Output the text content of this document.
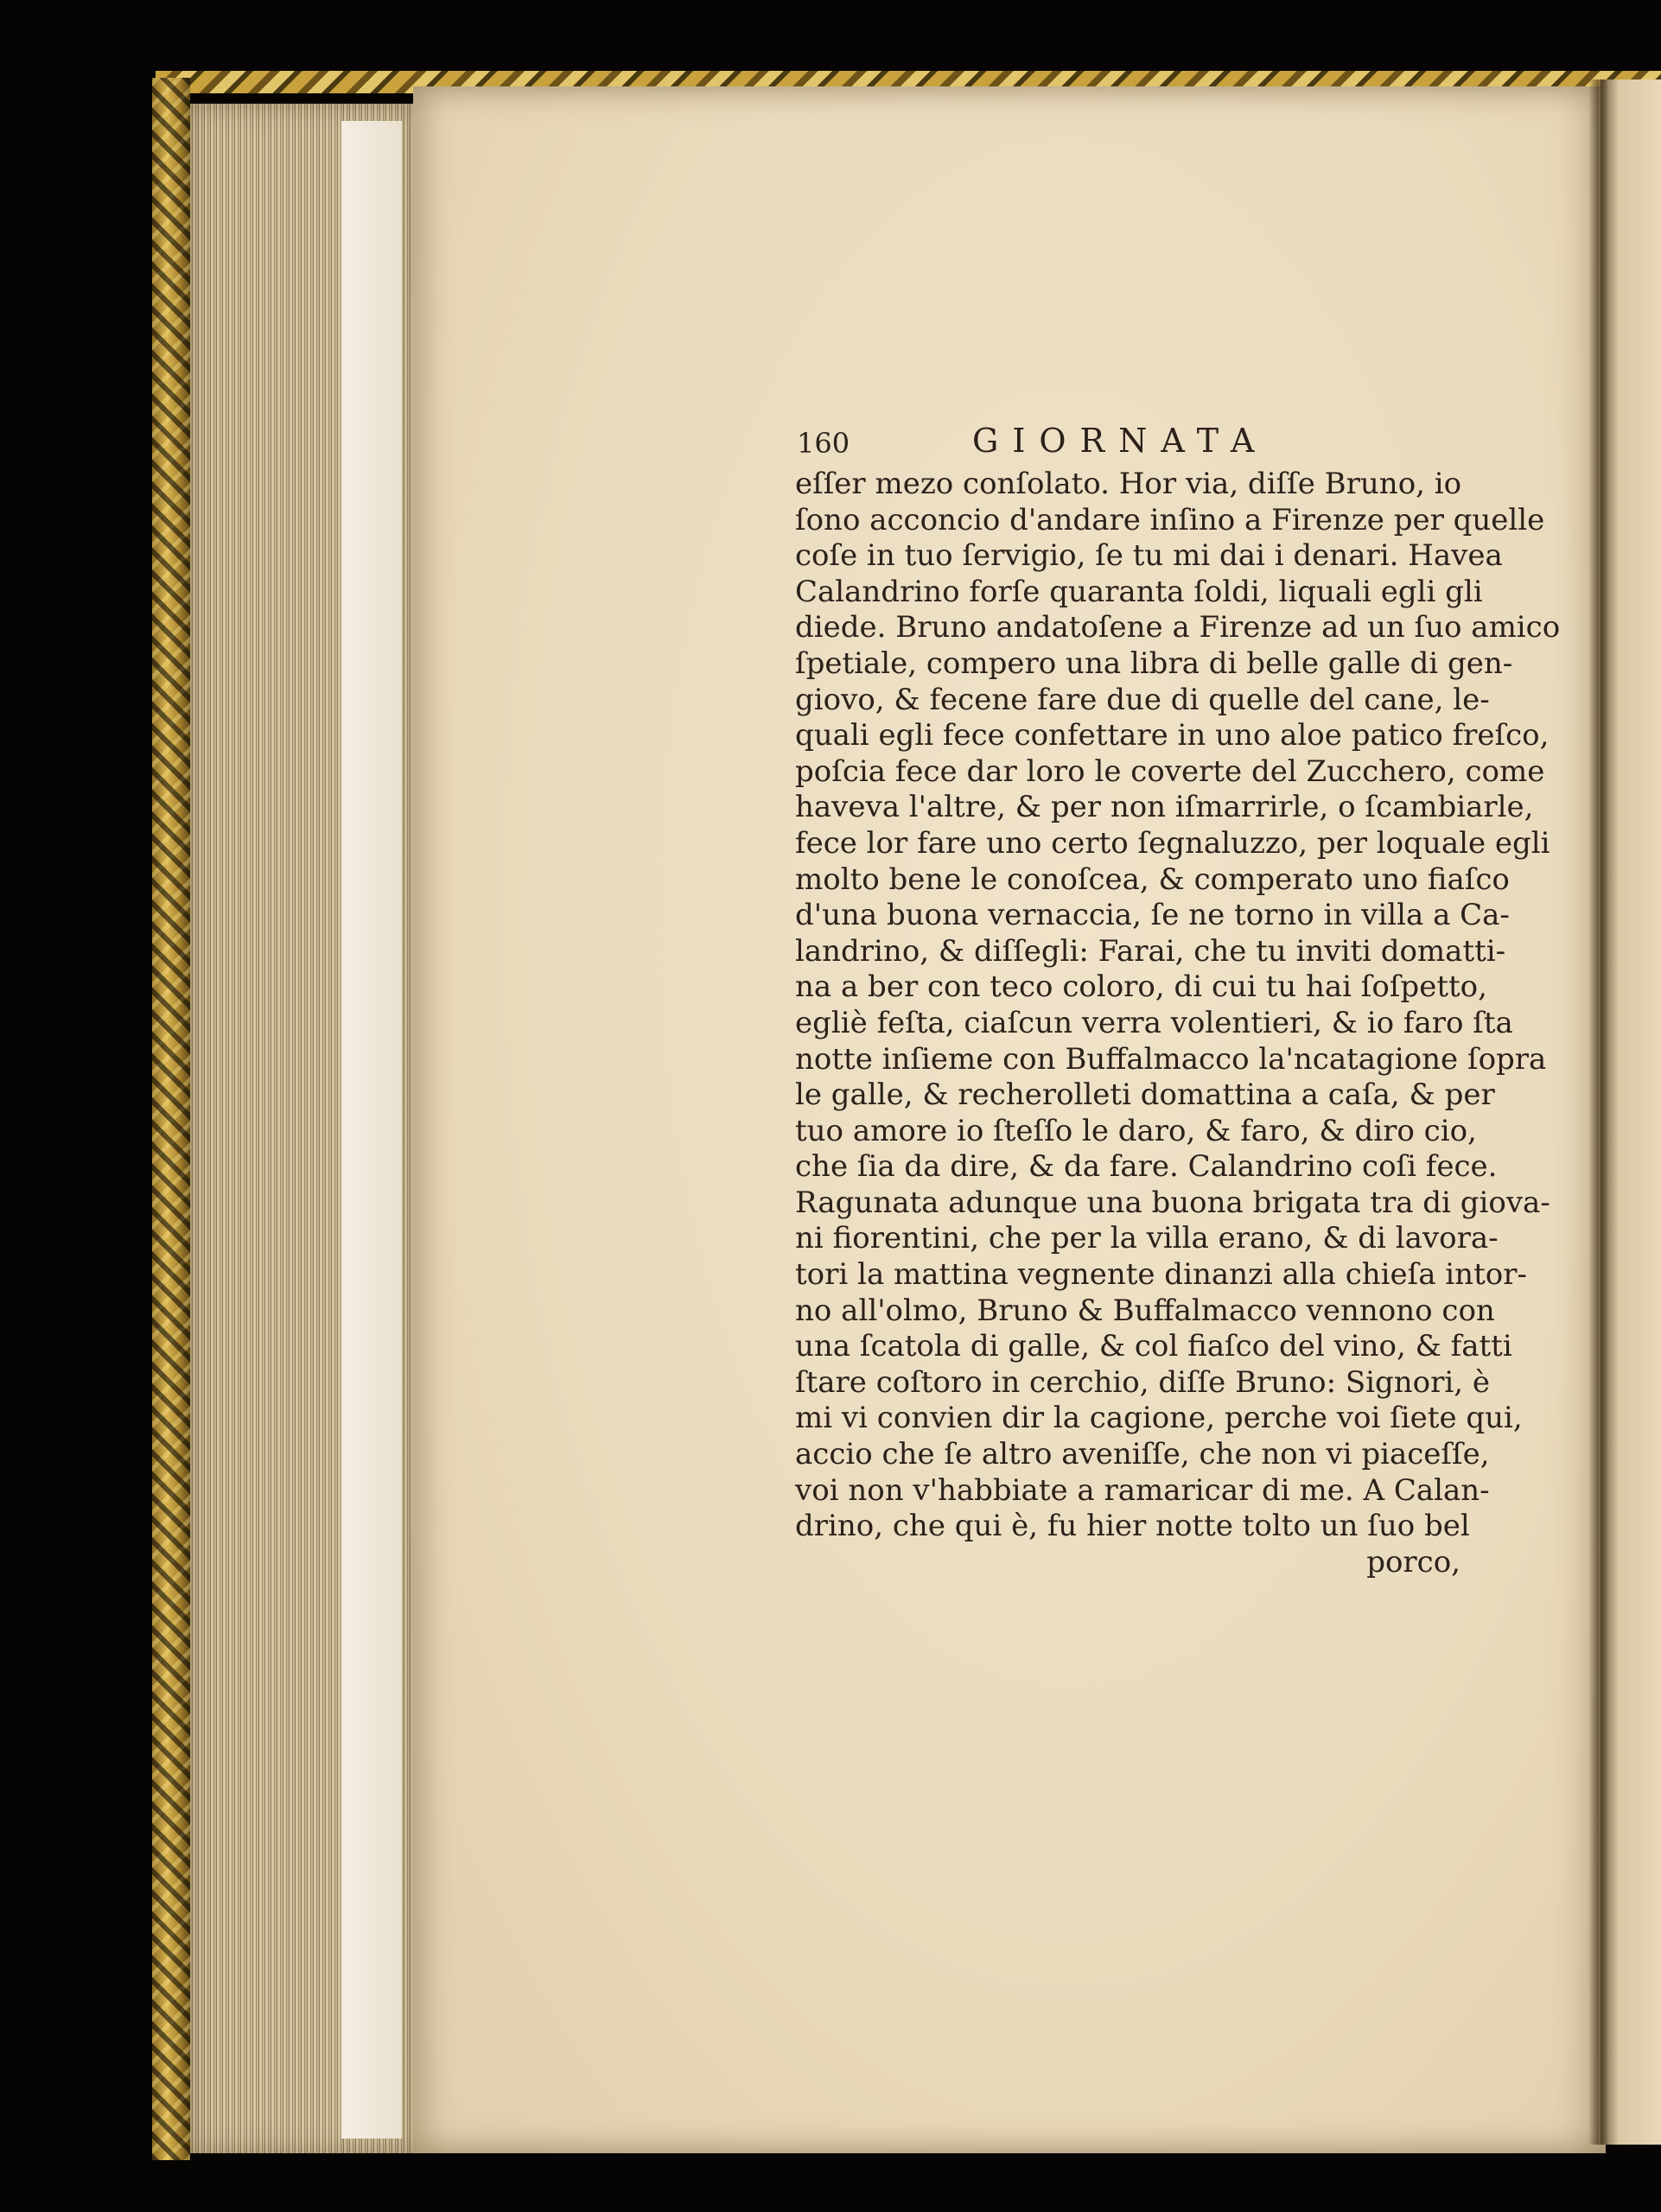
160	GIORNATA
eſſer mezo conſolato. Hor via, diſſe Bruno, io
ſono acconcio d'andare inſino a Firenze per quelle
coſe in tuo ſervigio, ſe tu mi dai i denari. Havea
Calandrino forſe quaranta ſoldi, liquali egli gli
diede. Bruno andatoſene a Firenze ad un ſuo amico
ſpetiale, compero una libra di belle galle di gen-
giovo, & fecene fare due di quelle del cane, le-
quali egli fece confettare in uno aloe patico freſco,
poſcia fece dar loro le coverte del Zucchero, come
haveva l'altre, & per non iſmarrirle, o ſcambiarle,
fece lor fare uno certo ſegnaluzzo, per loquale egli
molto bene le conoſcea, & comperato uno fiaſco
d'una buona vernaccia, ſe ne torno in villa a Ca-
landrino, & diſſegli: Farai, che tu inviti domatti-
na a ber con teco coloro, di cui tu hai ſoſpetto,
egliè feſta, ciaſcun verra volentieri, & io faro ſta
notte inſieme con Buffalmacco la'ncatagione ſopra
le galle, & recherolleti domattina a caſa, & per
tuo amore io ſteſſo le daro, & faro, & diro cio,
che ſia da dire, & da fare. Calandrino coſi fece.
Ragunata adunque una buona brigata tra di giova-
ni fiorentini, che per la villa erano, & di lavora-
tori la mattina vegnente dinanzi alla chieſa intor-
no all'olmo, Bruno & Buffalmacco vennono con
una ſcatola di galle, & col fiaſco del vino, & fatti
ſtare coſtoro in cerchio, diſſe Bruno: Signori, è
mi vi convien dir la cagione, perche voi ſiete qui,
accio che ſe altro aveniſſe, che non vi piaceſſe,
voi non v'habbiate a ramaricar di me. A Calan-
drino, che qui è, fu hier notte tolto un ſuo bel
porco,
